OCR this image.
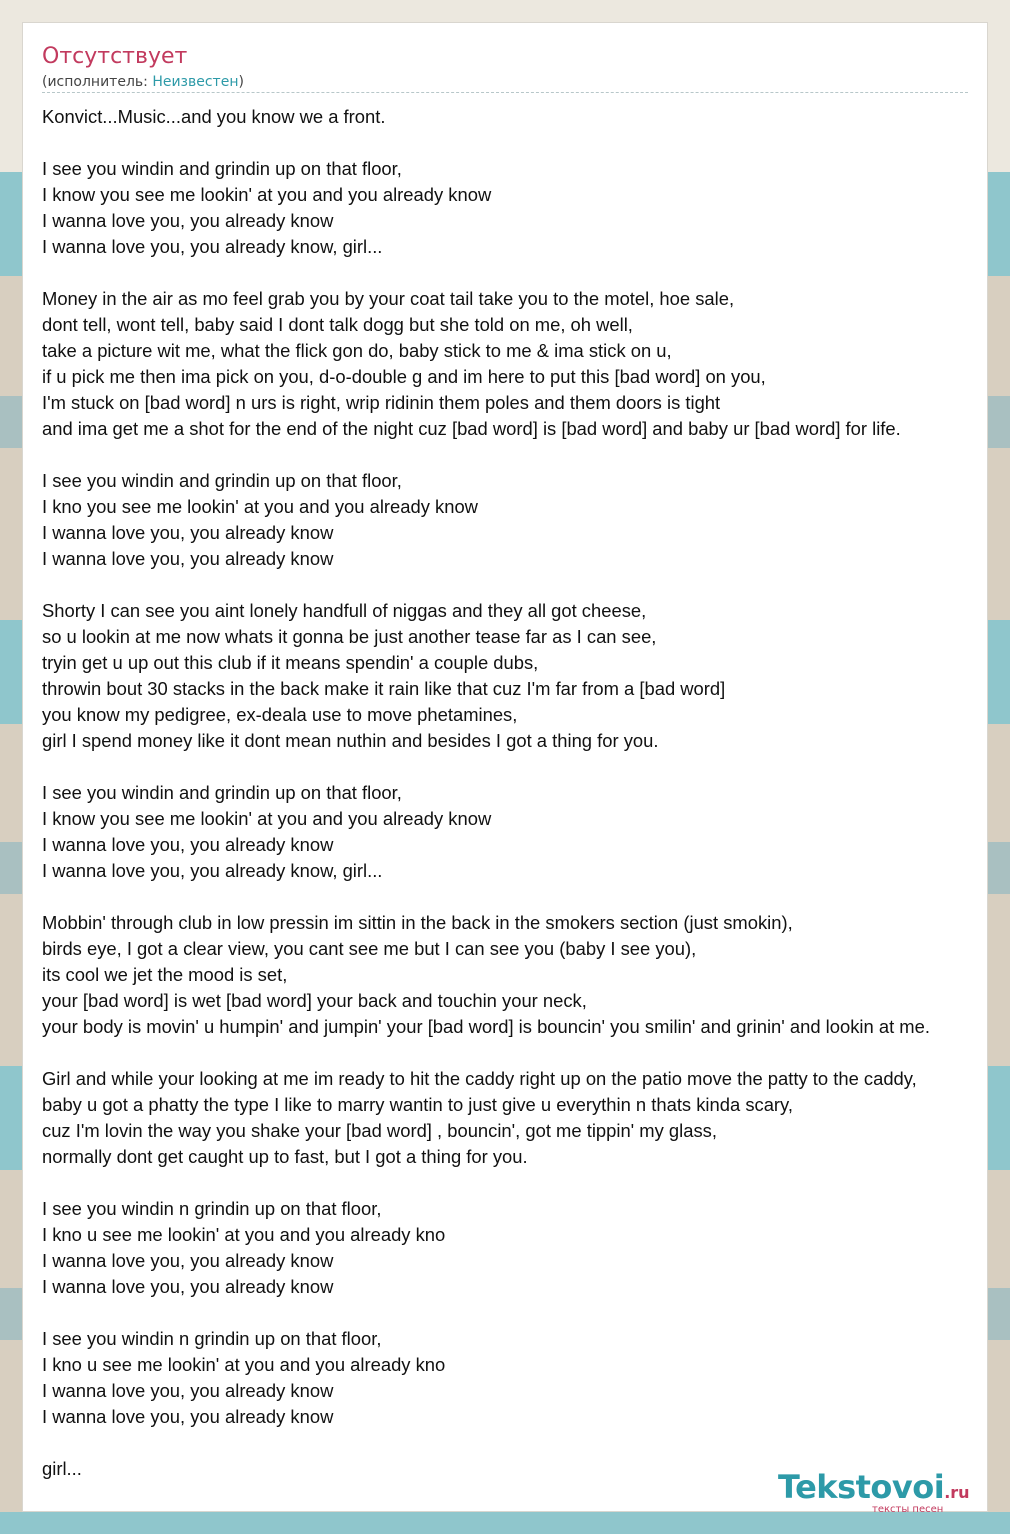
Отсутствует
(исполнитель: Неизвестен)
Konvict...Music...and you know we a front.
I see you windin and grindin up on that floor,
I know you see me lookin' at you and you already know
I wanna love you, you already know
I wanna love you, you already know, girl...
Money in the air as mo feel grab you by your coat tail take you to the motel, hoe sale,
dont tell, wont tell, baby said I dont talk dogg but she told on me, oh well,
take a picture wit me, what the flick gon do, baby stick to me & ima stick on u,
if u pick me then ima pick on you, d-o-double g and im here to put this [bad word] on you,
I'm stuck on [bad word] n urs is right, wrip ridinin them poles and them doors is tight
and ima get me a shot for the end of the night cuz [bad word] is [bad word] and baby ur [bad word] for life.
I see you windin and grindin up on that floor,
I kno you see me lookin' at you and you already know
I wanna love you, you already know
I wanna love you, you already know
Shorty I can see you aint lonely handfull of niggas and they all got cheese,
so u lookin at me now whats it gonna be just another tease far as I can see,
tryin get u up out this club if it means spendin' a couple dubs,
throwin bout 30 stacks in the back make it rain like that cuz I'm far from a [bad word]
you know my pedigree, ex-deala use to move phetamines,
girl I spend money like it dont mean nuthin and besides I got a thing for you.
I see you windin and grindin up on that floor,
I know you see me lookin' at you and you already know
I wanna love you, you already know
I wanna love you, you already know, girl...
Mobbin' through club in low pressin im sittin in the back in the smokers section (just smokin),
birds eye, I got a clear view, you cant see me but I can see you (baby I see you),
its cool we jet the mood is set,
your [bad word] is wet [bad word] your back and touchin your neck,
your body is movin' u humpin' and jumpin' your [bad word] is bouncin' you smilin' and grinin' and lookin at me.
Girl and while your looking at me im ready to hit the caddy right up on the patio move the patty to the caddy,
baby u got a phatty the type I like to marry wantin to just give u everythin n thats kinda scary,
cuz I'm lovin the way you shake your [bad word] , bouncin', got me tippin' my glass,
normally dont get caught up to fast, but I got a thing for you.
I see you windin n grindin up on that floor,
I kno u see me lookin' at you and you already kno
I wanna love you, you already know
I wanna love you, you already know
I see you windin n grindin up on that floor,
I kno u see me lookin' at you and you already kno
I wanna love you, you already know
I wanna love you, you already know
girl...	Tekstovoi.ru
тексты песен
